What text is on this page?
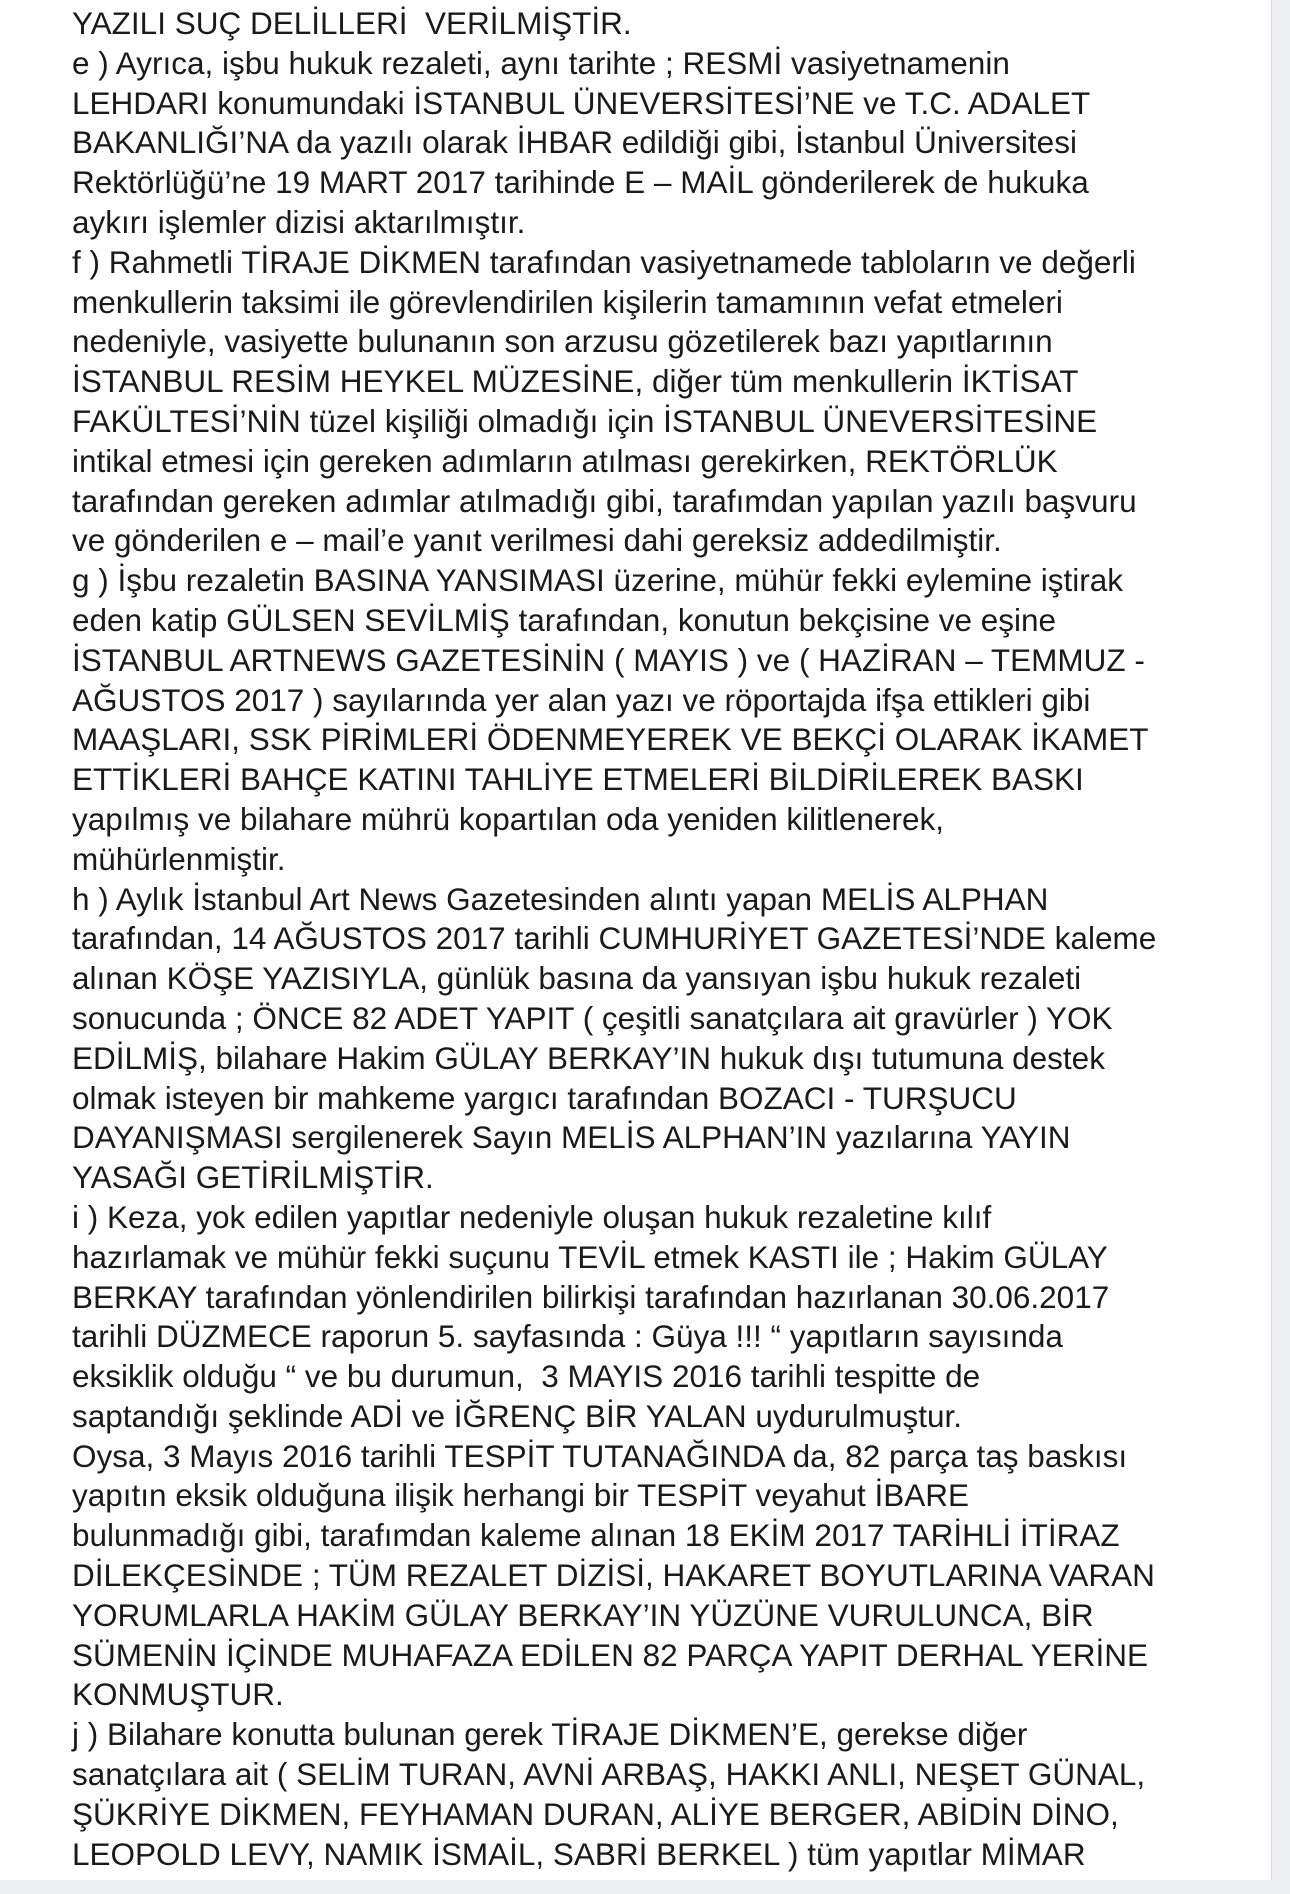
YAZILI SUÇ DELİLLERİ  VERİLMİŞTİR.
e ) Ayrıca, işbu hukuk rezaleti, aynı tarihte ; RESMİ vasiyetnamenin
LEHDARI konumundaki İSTANBUL ÜNEVERSİTESİ’NE ve T.C. ADALET
BAKANLIĞI’NA da yazılı olarak İHBAR edildiği gibi, İstanbul Üniversitesi
Rektörlüğü’ne 19 MART 2017 tarihinde E – MAİL gönderilerek de hukuka
aykırı işlemler dizisi aktarılmıştır.
f ) Rahmetli TİRAJE DİKMEN tarafından vasiyetnamede tabloların ve değerli
menkullerin taksimi ile görevlendirilen kişilerin tamamının vefat etmeleri
nedeniyle, vasiyette bulunanın son arzusu gözetilerek bazı yapıtlarının
İSTANBUL RESİM HEYKEL MÜZESİNE, diğer tüm menkullerin İKTİSAT
FAKÜLTESİ’NİN tüzel kişiliği olmadığı için İSTANBUL ÜNEVERSİTESİNE
intikal etmesi için gereken adımların atılması gerekirken, REKTÖRLÜK
tarafından gereken adımlar atılmadığı gibi, tarafımdan yapılan yazılı başvuru
ve gönderilen e – mail’e yanıt verilmesi dahi gereksiz addedilmiştir.
g ) İşbu rezaletin BASINA YANSIMASI üzerine, mühür fekki eylemine iştirak
eden katip GÜLSEN SEVİLMİŞ tarafından, konutun bekçisine ve eşine
İSTANBUL ARTNEWS GAZETESİNİN ( MAYIS ) ve ( HAZİRAN – TEMMUZ -
AĞUSTOS 2017 ) sayılarında yer alan yazı ve röportajda ifşa ettikleri gibi
MAAŞLARI, SSK PİRİMLERİ ÖDENMEYEREK VE BEKÇİ OLARAK İKAMET
ETTİKLERİ BAHÇE KATINI TAHLİYE ETMELERİ BİLDİRİLEREK BASKI
yapılmış ve bilahare mührü kopartılan oda yeniden kilitlenerek,
mühürlenmiştir.
h ) Aylık İstanbul Art News Gazetesinden alıntı yapan MELİS ALPHAN
tarafından, 14 AĞUSTOS 2017 tarihli CUMHURİYET GAZETESİ’NDE kaleme
alınan KÖŞE YAZISIYLA, günlük basına da yansıyan işbu hukuk rezaleti
sonucunda ; ÖNCE 82 ADET YAPIT ( çeşitli sanatçılara ait gravürler ) YOK
EDİLMİŞ, bilahare Hakim GÜLAY BERKAY’IN hukuk dışı tutumuna destek
olmak isteyen bir mahkeme yargıcı tarafından BOZACI - TURŞUCU
DAYANIŞMASI sergilenerek Sayın MELİS ALPHAN’IN yazılarına YAYIN
YASAĞI GETİRİLMİŞTİR.
i ) Keza, yok edilen yapıtlar nedeniyle oluşan hukuk rezaletine kılıf
hazırlamak ve mühür fekki suçunu TEVİL etmek KASTI ile ; Hakim GÜLAY
BERKAY tarafından yönlendirilen bilirkişi tarafından hazırlanan 30.06.2017
tarihli DÜZMECE raporun 5. sayfasında : Güya !!! “ yapıtların sayısında
eksiklik olduğu “ ve bu durumun,  3 MAYIS 2016 tarihli tespitte de
saptandığı şeklinde ADİ ve İĞRENÇ BİR YALAN uydurulmuştur.
Oysa, 3 Mayıs 2016 tarihli TESPİT TUTANAĞINDA da, 82 parça taş baskısı
yapıtın eksik olduğuna ilişik herhangi bir TESPİT veyahut İBARE
bulunmadığı gibi, tarafımdan kaleme alınan 18 EKİM 2017 TARİHLİ İTİRAZ
DİLEKÇESİNDE ; TÜM REZALET DİZİSİ, HAKARET BOYUTLARINA VARAN
YORUMLARLA HAKİM GÜLAY BERKAY’IN YÜZÜNE VURULUNCA, BİR
SÜMENİN İÇİNDE MUHAFAZA EDİLEN 82 PARÇA YAPIT DERHAL YERİNE
KONMUŞTUR.
j ) Bilahare konutta bulunan gerek TİRAJE DİKMEN’E, gerekse diğer
sanatçılara ait ( SELİM TURAN, AVNİ ARBAŞ, HAKKI ANLI, NEŞET GÜNAL,
ŞÜKRİYE DİKMEN, FEYHAMAN DURAN, ALİYE BERGER, ABİDİN DİNO,
LEOPOLD LEVY, NAMIK İSMAİL, SABRİ BERKEL ) tüm yapıtlar MİMAR
